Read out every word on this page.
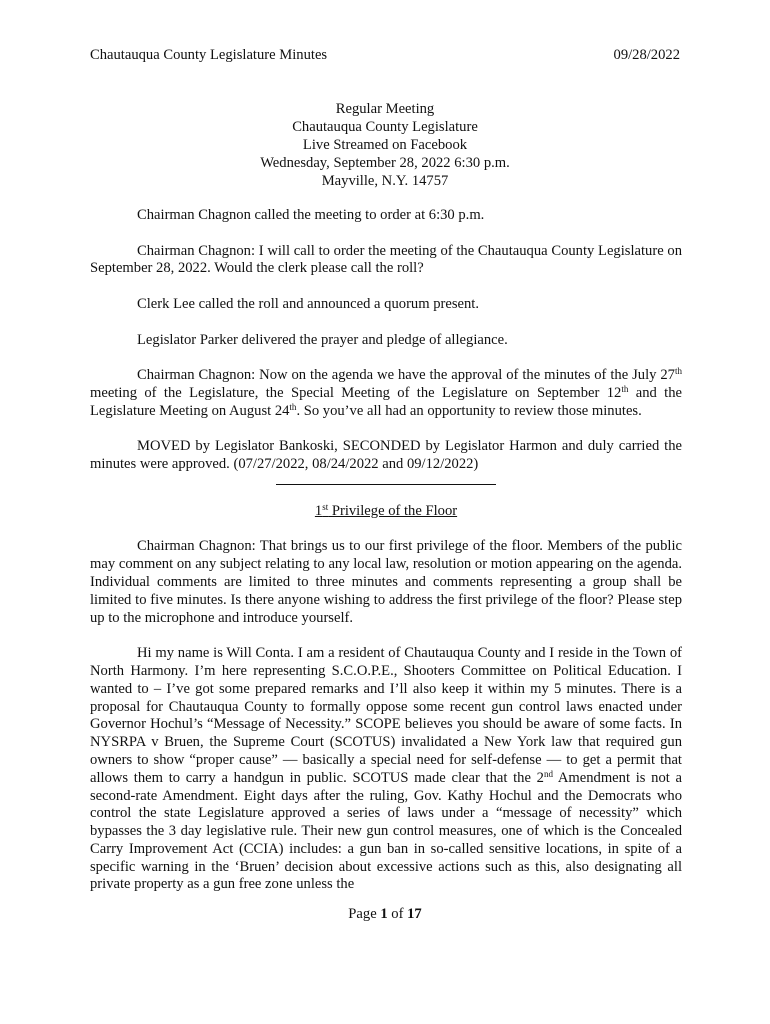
Chautauqua County Legislature Minutes	09/28/2022
Regular Meeting
Chautauqua County Legislature
Live Streamed on Facebook
Wednesday, September 28, 2022 6:30 p.m.
Mayville, N.Y. 14757

Chairman Chagnon called the meeting to order at 6:30 p.m.

Chairman Chagnon: I will call to order the meeting of the Chautauqua County Legislature on September 28, 2022. Would the clerk please call the roll?

Clerk Lee called the roll and announced a quorum present.

Legislator Parker delivered the prayer and pledge of allegiance.

Chairman Chagnon: Now on the agenda we have the approval of the minutes of the July 27th meeting of the Legislature, the Special Meeting of the Legislature on September 12th and the Legislature Meeting on August 24th. So you’ve all had an opportunity to review those minutes.

MOVED by Legislator Bankoski, SECONDED by Legislator Harmon and duly carried the minutes were approved. (07/27/2022, 08/24/2022 and 09/12/2022)

1st Privilege of the Floor

Chairman Chagnon: That brings us to our first privilege of the floor. Members of the public may comment on any subject relating to any local law, resolution or motion appearing on the agenda. Individual comments are limited to three minutes and comments representing a group shall be limited to five minutes. Is there anyone wishing to address the first privilege of the floor? Please step up to the microphone and introduce yourself.

Hi my name is Will Conta. I am a resident of Chautauqua County and I reside in the Town of North Harmony. I’m here representing S.C.O.P.E., Shooters Committee on Political Education. I wanted to – I’ve got some prepared remarks and I’ll also keep it within my 5 minutes. There is a proposal for Chautauqua County to formally oppose some recent gun control laws enacted under Governor Hochul’s “Message of Necessity.” SCOPE believes you should be aware of some facts. In NYSRPA v Bruen, the Supreme Court (SCOTUS) invalidated a New York law that required gun owners to show “proper cause” — basically a special need for self-defense — to get a permit that allows them to carry a handgun in public. SCOTUS made clear that the 2nd Amendment is not a second-rate Amendment. Eight days after the ruling, Gov. Kathy Hochul and the Democrats who control the state Legislature approved a series of laws under a “message of necessity” which bypasses the 3 day legislative rule. Their new gun control measures, one of which is the Concealed Carry Improvement Act (CCIA) includes: a gun ban in so-called sensitive locations, in spite of a specific warning in the ‘Bruen’ decision about excessive actions such as this, also designating all private property as a gun free zone unless the

Page 1 of 17
